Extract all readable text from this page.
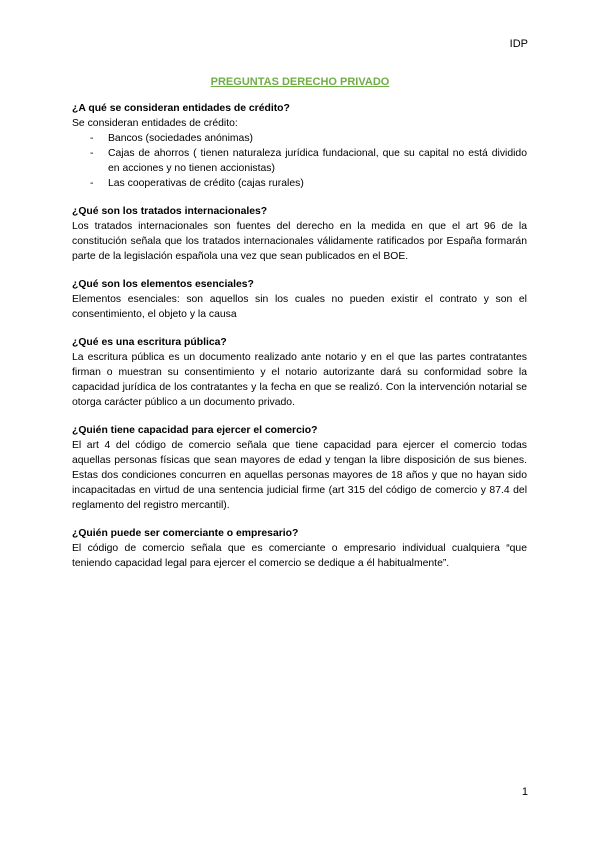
IDP
PREGUNTAS DERECHO PRIVADO
¿A qué se consideran entidades de crédito?
Se consideran entidades de crédito:
- Bancos (sociedades anónimas)
- Cajas de ahorros ( tienen naturaleza jurídica fundacional, que su capital no está dividido en acciones y no tienen accionistas)
- Las cooperativas de crédito (cajas rurales)
¿Qué son los tratados internacionales?
Los tratados internacionales son fuentes del derecho en la medida en que el art 96 de la constitución señala que los tratados internacionales válidamente ratificados por España formarán parte de la legislación española una vez que sean publicados en el BOE.
¿Qué son los elementos esenciales?
Elementos esenciales: son aquellos sin los cuales no pueden existir el contrato y son el consentimiento, el objeto y la causa
¿Qué es una escritura pública?
La escritura pública es un documento realizado ante notario y en el que las partes contratantes firman o muestran su consentimiento y el notario autorizante dará su conformidad sobre la capacidad jurídica de los contratantes y la fecha en que se realizó. Con la intervención notarial se otorga carácter público a un documento privado.
¿Quién tiene capacidad para ejercer el comercio?
El art 4 del código de comercio señala que tiene capacidad para ejercer el comercio todas aquellas personas físicas que sean mayores de edad y tengan la libre disposición de sus bienes. Estas dos condiciones concurren en aquellas personas mayores de 18 años y que no hayan sido incapacitadas en virtud de una sentencia judicial firme (art 315 del código de comercio y 87.4 del reglamento del registro mercantil).
¿Quién puede ser comerciante o empresario?
El código de comercio señala que es comerciante o empresario individual cualquiera “que teniendo capacidad legal para ejercer el comercio se dedique a él habitualmente”.
1
